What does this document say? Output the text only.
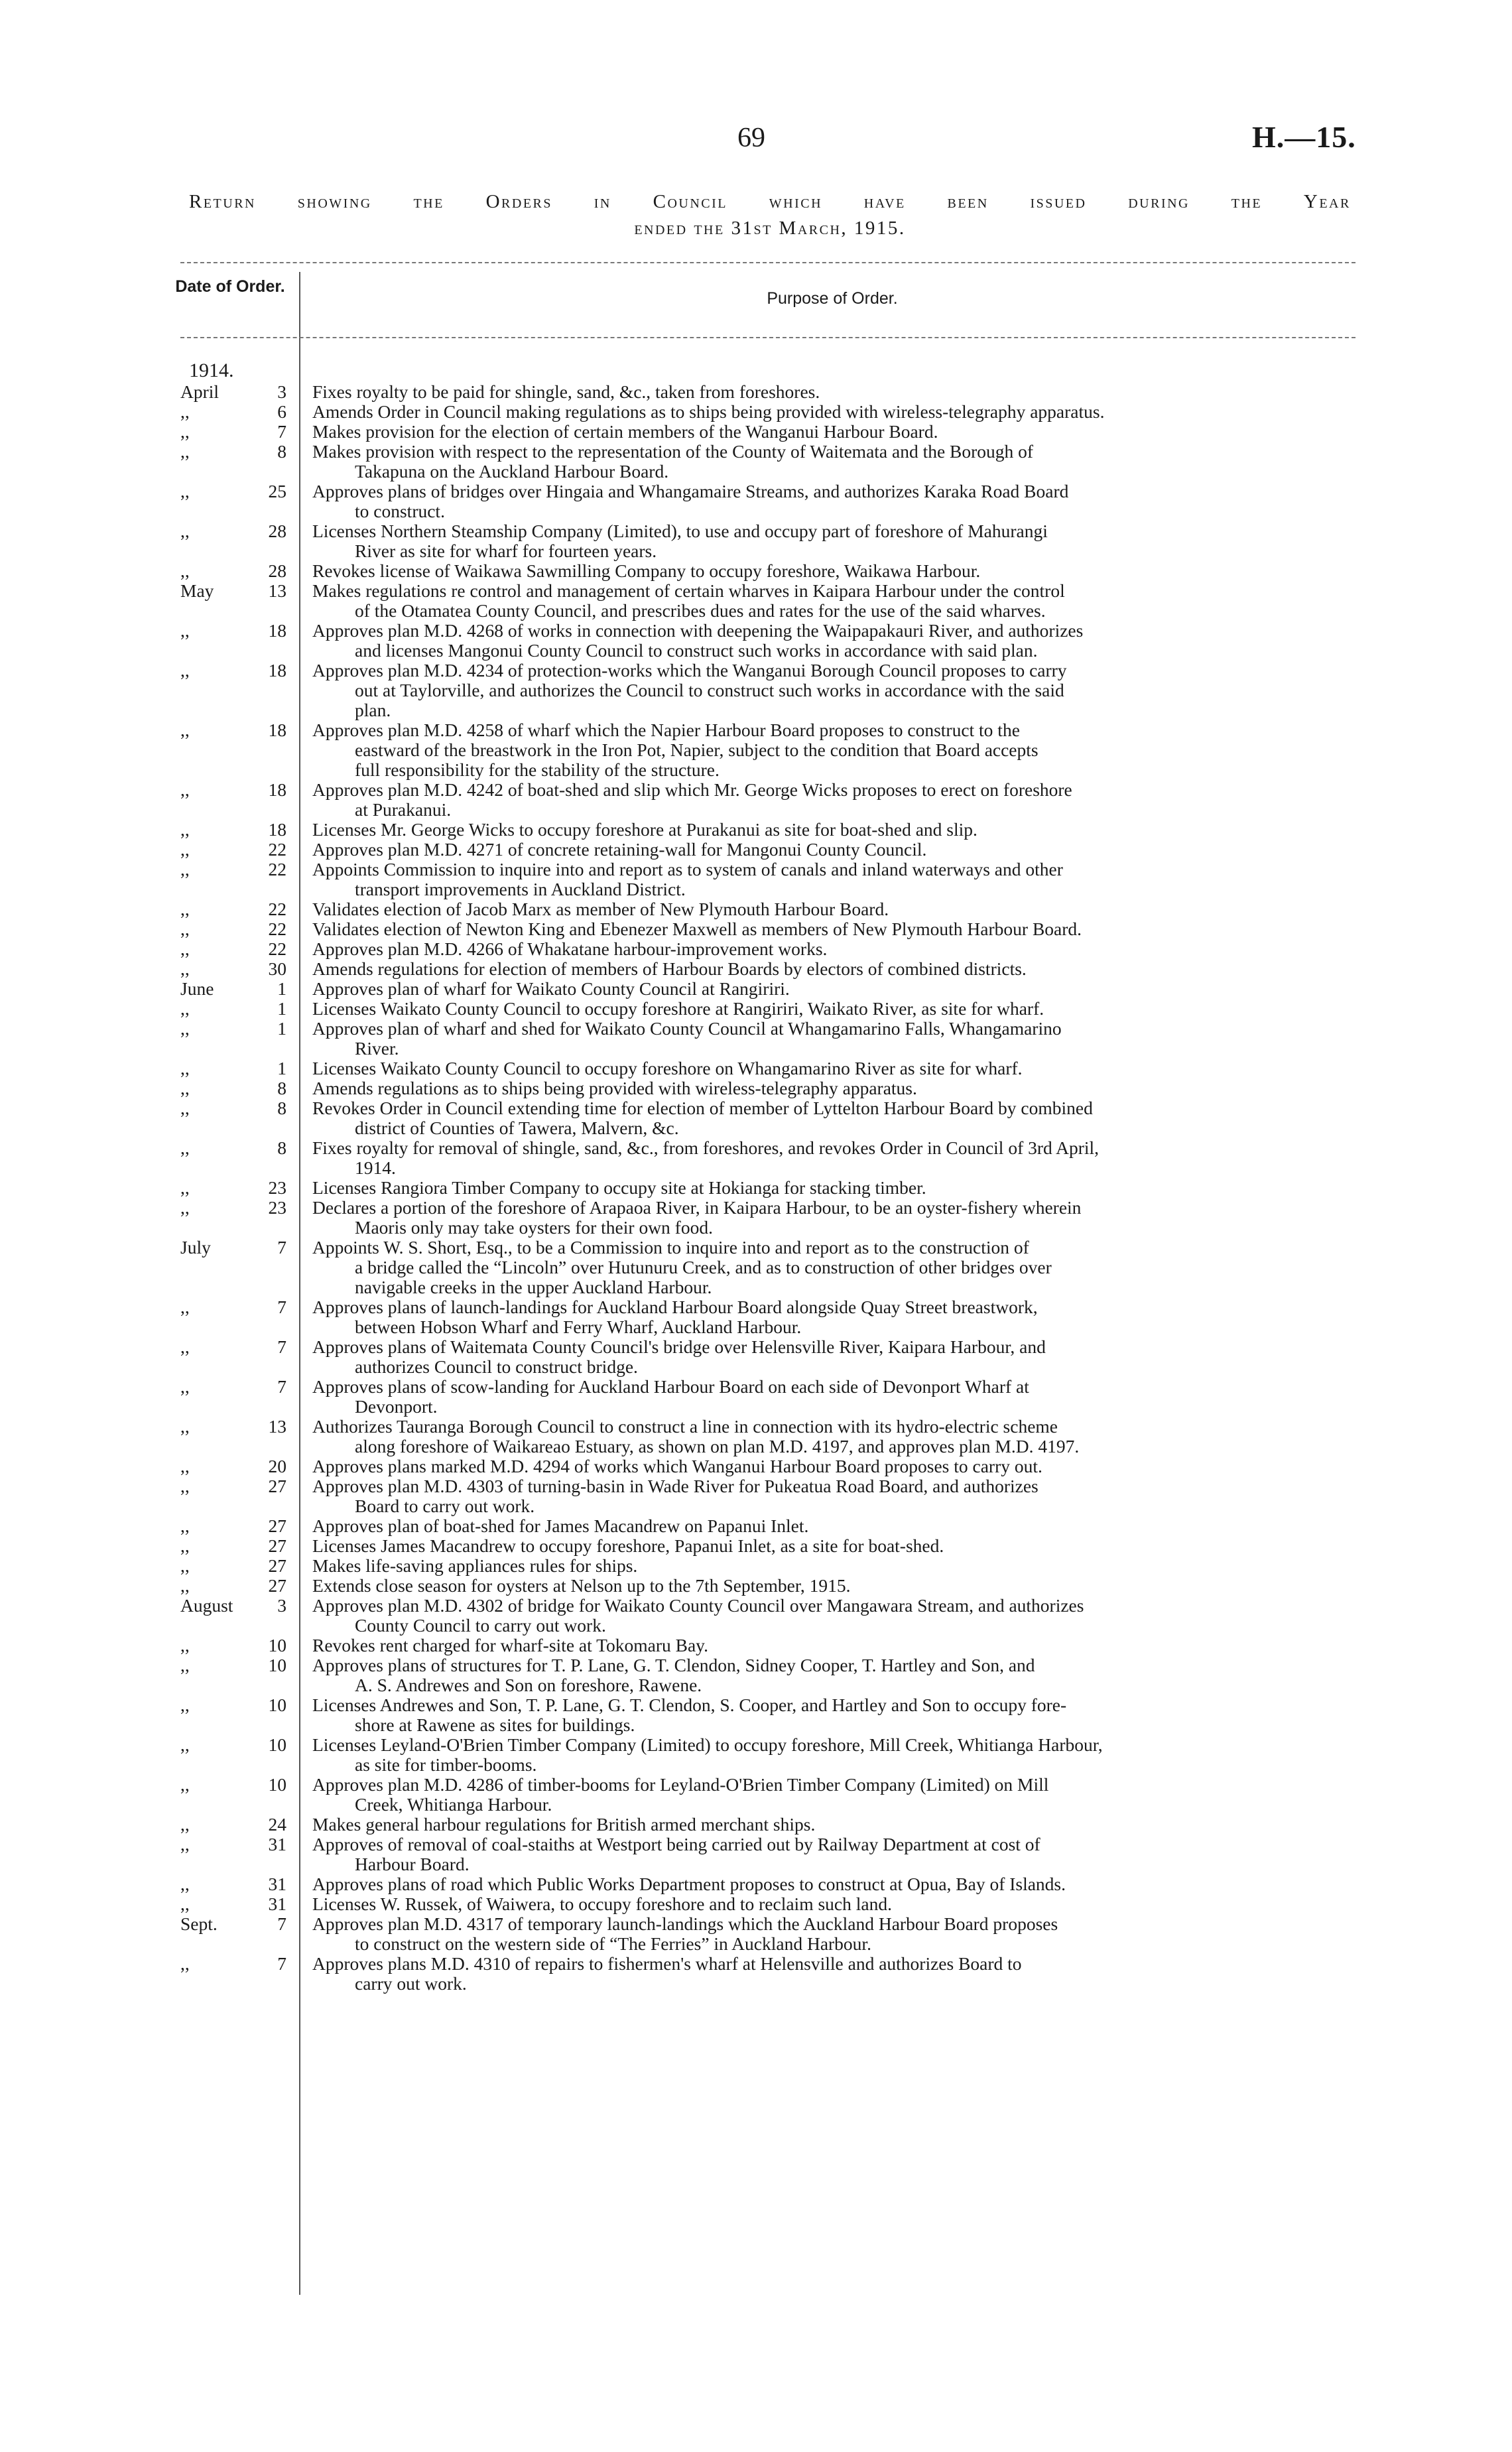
69	H.—15.
Return showing the Orders in Council which have been issued during the Year
ended the 31st March, 1915.
Date of Order.
Purpose of Order.
1914.
April	3 Fixes royalty to be paid for shingle, sand, &c., taken from foreshores.
,,	6 Amends Order in Council making regulations as to ships being provided with wireless-telegraphy apparatus.
,,	7 Makes provision for the election of certain members of the Wanganui Harbour Board.
,,	8 Makes provision with respect to the representation of the County of Waitemata and the Borough of
Takapuna on the Auckland Harbour Board.
,,	25 Approves plans of bridges over Hingaia and Whangamaire Streams, and authorizes Karaka Road Board
to construct.
,,	28 Licenses Northern Steamship Company (Limited), to use and occupy part of foreshore of Mahurangi
River as site for wharf for fourteen years.
,,	28 Revokes license of Waikawa Sawmilling Company to occupy foreshore, Waikawa Harbour.
May	13 Makes regulations re control and management of certain wharves in Kaipara Harbour under the control
of the Otamatea County Council, and prescribes dues and rates for the use of the said wharves.
,,	18 Approves plan M.D. 4268 of works in connection with deepening the Waipapakauri River, and authorizes
and licenses Mangonui County Council to construct such works in accordance with said plan.
,,	18 Approves plan M.D. 4234 of protection-works which the Wanganui Borough Council proposes to carry
out at Taylorville, and authorizes the Council to construct such works in accordance with the said
plan.
,,	18 Approves plan M.D. 4258 of wharf which the Napier Harbour Board proposes to construct to the
eastward of the breastwork in the Iron Pot, Napier, subject to the condition that Board accepts
full responsibility for the stability of the structure.
,,	18 Approves plan M.D. 4242 of boat-shed and slip which Mr. George Wicks proposes to erect on foreshore
at Purakanui.
,,	18 Licenses Mr. George Wicks to occupy foreshore at Purakanui as site for boat-shed and slip.
,,	22 Approves plan M.D. 4271 of concrete retaining-wall for Mangonui County Council.
,,	22 Appoints Commission to inquire into and report as to system of canals and inland waterways and other
transport improvements in Auckland District.
,,	22 Validates election of Jacob Marx as member of New Plymouth Harbour Board.
,,	22 Validates election of Newton King and Ebenezer Maxwell as members of New Plymouth Harbour Board.
,,	22 Approves plan M.D. 4266 of Whakatane harbour-improvement works.
,,	30 Amends regulations for election of members of Harbour Boards by electors of combined districts.
June	1 Approves plan of wharf for Waikato County Council at Rangiriri.
,,	1 Licenses Waikato County Council to occupy foreshore at Rangiriri, Waikato River, as site for wharf.
,,	1 Approves plan of wharf and shed for Waikato County Council at Whangamarino Falls, Whangamarino
River.
,,	1 Licenses Waikato County Council to occupy foreshore on Whangamarino River as site for wharf.
,,	8 Amends regulations as to ships being provided with wireless-telegraphy apparatus.
,,	8 Revokes Order in Council extending time for election of member of Lyttelton Harbour Board by combined
district of Counties of Tawera, Malvern, &c.
,,	8 Fixes royalty for removal of shingle, sand, &c., from foreshores, and revokes Order in Council of 3rd April,
1914.
,,	23 Licenses Rangiora Timber Company to occupy site at Hokianga for stacking timber.
,,	23 Declares a portion of the foreshore of Arapaoa River, in Kaipara Harbour, to be an oyster-fishery wherein
Maoris only may take oysters for their own food.
July	7 Appoints W. S. Short, Esq., to be a Commission to inquire into and report as to the construction of
a bridge called the “Lincoln” over Hutunuru Creek, and as to construction of other bridges over
navigable creeks in the upper Auckland Harbour.
,,	7 Approves plans of launch-landings for Auckland Harbour Board alongside Quay Street breastwork,
between Hobson Wharf and Ferry Wharf, Auckland Harbour.
,,	7 Approves plans of Waitemata County Council's bridge over Helensville River, Kaipara Harbour, and
authorizes Council to construct bridge.
,,	7 Approves plans of scow-landing for Auckland Harbour Board on each side of Devonport Wharf at
Devonport.
,,	13 Authorizes Tauranga Borough Council to construct a line in connection with its hydro-electric scheme
along foreshore of Waikareao Estuary, as shown on plan M.D. 4197, and approves plan M.D. 4197.
,,	20 Approves plans marked M.D. 4294 of works which Wanganui Harbour Board proposes to carry out.
,,	27 Approves plan M.D. 4303 of turning-basin in Wade River for Pukeatua Road Board, and authorizes
Board to carry out work.
,,	27 Approves plan of boat-shed for James Macandrew on Papanui Inlet.
,,	27 Licenses James Macandrew to occupy foreshore, Papanui Inlet, as a site for boat-shed.
,,	27 Makes life-saving appliances rules for ships.
,,	27 Extends close season for oysters at Nelson up to the 7th September, 1915.
August	3 Approves plan M.D. 4302 of bridge for Waikato County Council over Mangawara Stream, and authorizes
County Council to carry out work.
,,	10 Revokes rent charged for wharf-site at Tokomaru Bay.
,,	10 Approves plans of structures for T. P. Lane, G. T. Clendon, Sidney Cooper, T. Hartley and Son, and
A. S. Andrewes and Son on foreshore, Rawene.
,,	10 Licenses Andrewes and Son, T. P. Lane, G. T. Clendon, S. Cooper, and Hartley and Son to occupy fore-
shore at Rawene as sites for buildings.
,,	10 Licenses Leyland-O'Brien Timber Company (Limited) to occupy foreshore, Mill Creek, Whitianga Harbour,
as site for timber-booms.
,,	10 Approves plan M.D. 4286 of timber-booms for Leyland-O'Brien Timber Company (Limited) on Mill
Creek, Whitianga Harbour.
,,	24 Makes general harbour regulations for British armed merchant ships.
,,	31 Approves of removal of coal-staiths at Westport being carried out by Railway Department at cost of
Harbour Board.
,,	31 Approves plans of road which Public Works Department proposes to construct at Opua, Bay of Islands.
,,	31 Licenses W. Russek, of Waiwera, to occupy foreshore and to reclaim such land.
Sept.	7 Approves plan M.D. 4317 of temporary launch-landings which the Auckland Harbour Board proposes
to construct on the western side of “The Ferries” in Auckland Harbour.
,,	7 Approves plans M.D. 4310 of repairs to fishermen's wharf at Helensville and authorizes Board to
carry out work.
